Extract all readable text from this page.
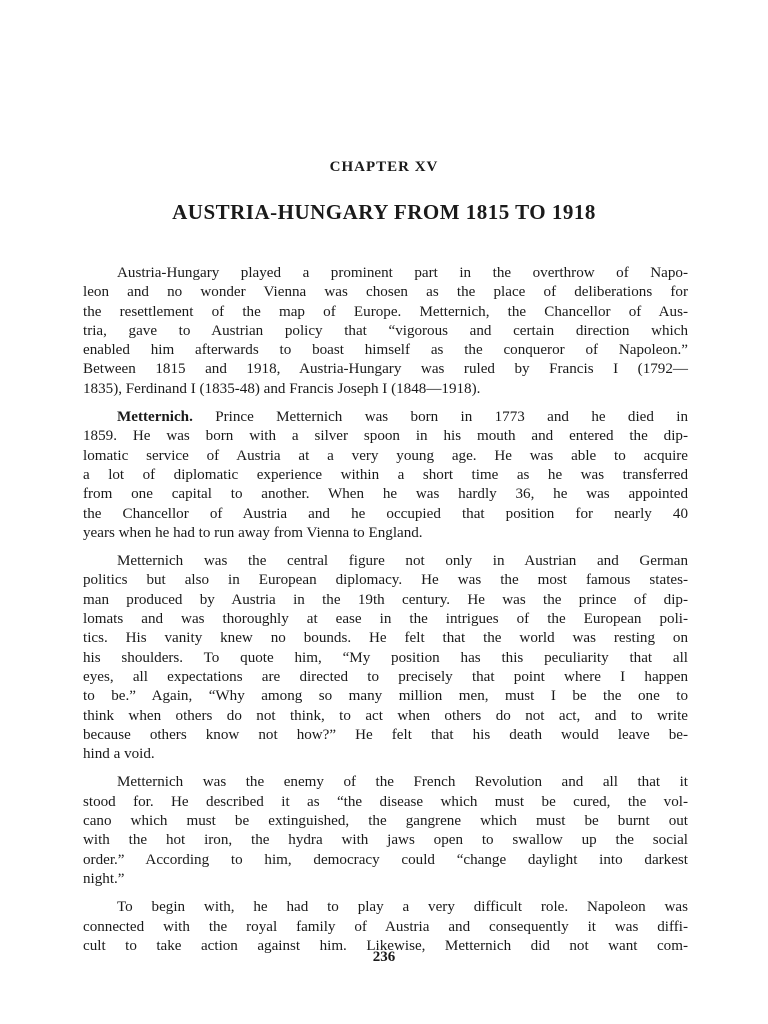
CHAPTER XV
AUSTRIA-HUNGARY FROM 1815 TO 1918
Austria-Hungary played a prominent part in the overthrow of Napo-
leon and no wonder Vienna was chosen as the place of deliberations for
the resettlement of the map of Europe. Metternich, the Chancellor of Aus-
tria, gave to Austrian policy that “vigorous and certain direction which
enabled him afterwards to boast himself as the conqueror of Napoleon.”
Between 1815 and 1918, Austria-Hungary was ruled by Francis I (1792—
1835), Ferdinand I (1835-48) and Francis Joseph I (1848—1918).
Metternich. Prince Metternich was born in 1773 and he died in
1859. He was born with a silver spoon in his mouth and entered the dip-
lomatic service of Austria at a very young age. He was able to acquire
a lot of diplomatic experience within a short time as he was transferred
from one capital to another. When he was hardly 36, he was appointed
the Chancellor of Austria and he occupied that position for nearly 40
years when he had to run away from Vienna to England.
Metternich was the central figure not only in Austrian and German
politics but also in European diplomacy. He was the most famous states-
man produced by Austria in the 19th century. He was the prince of dip-
lomats and was thoroughly at ease in the intrigues of the European poli-
tics. His vanity knew no bounds. He felt that the world was resting on
his shoulders. To quote him, “My position has this peculiarity that all
eyes, all expectations are directed to precisely that point where I happen
to be.” Again, “Why among so many million men, must I be the one to
think when others do not think, to act when others do not act, and to write
because others know not how?” He felt that his death would leave be-
hind a void.
Metternich was the enemy of the French Revolution and all that it
stood for. He described it as “the disease which must be cured, the vol-
cano which must be extinguished, the gangrene which must be burnt out
with the hot iron, the hydra with jaws open to swallow up the social
order.” According to him, democracy could “change daylight into darkest
night.”
To begin with, he had to play a very difficult role. Napoleon was
connected with the royal family of Austria and consequently it was diffi-
cult to take action against him. Likewise, Metternich did not want com-
236
